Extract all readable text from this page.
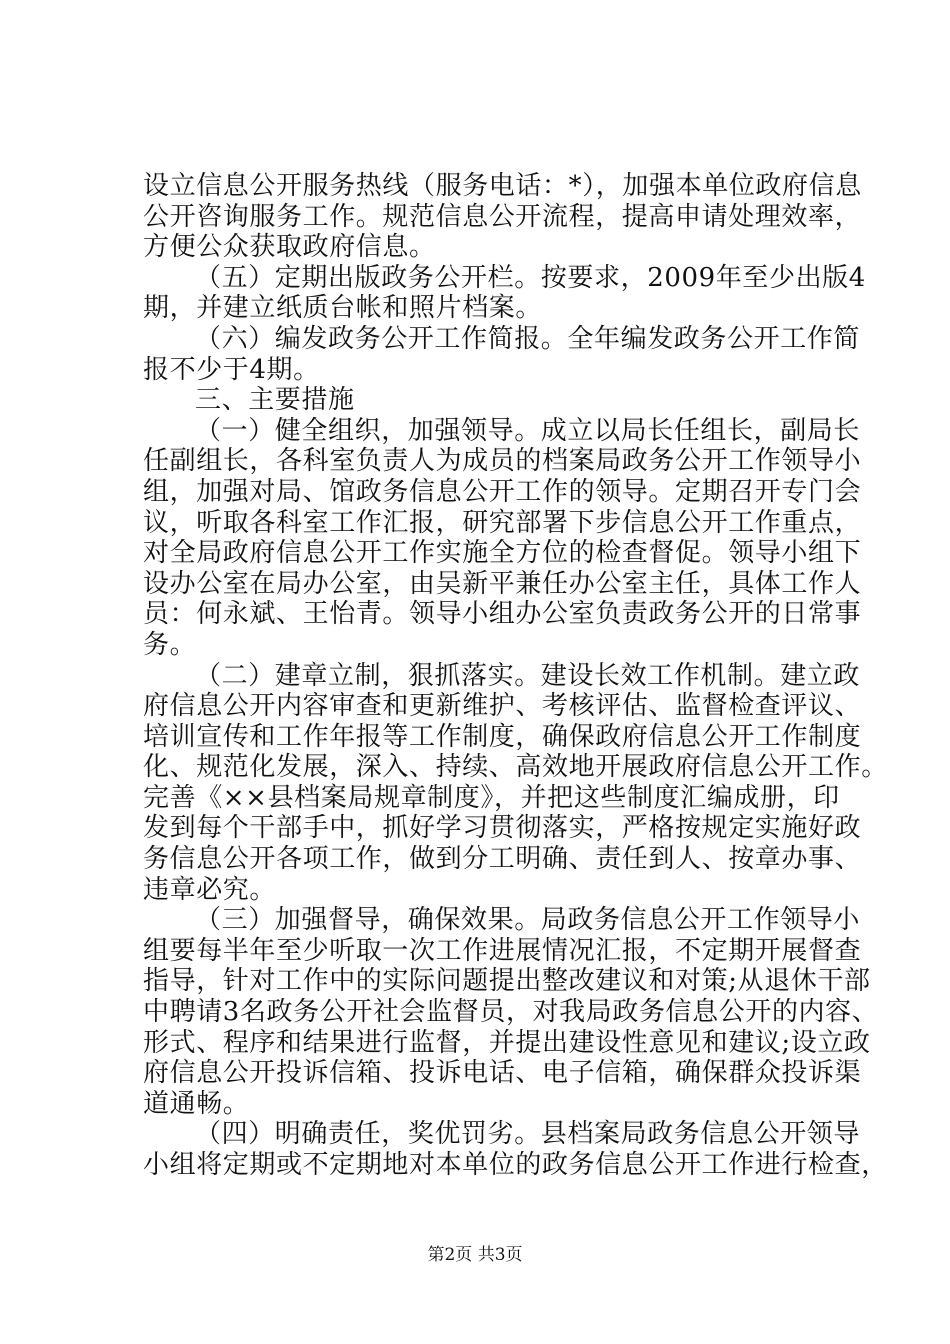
设立信息公开服务热线（服务电话：*），加强本单位政府信息
公开咨询服务工作。规范信息公开流程，提高申请处理效率，
方便公众获取政府信息。
（五）定期出版政务公开栏。按要求，2009年至少出版4
期，并建立纸质台帐和照片档案。
（六）编发政务公开工作简报。全年编发政务公开工作简
报不少于4期。
三、主要措施
（一）健全组织，加强领导。成立以局长任组长，副局长
任副组长，各科室负责人为成员的档案局政务公开工作领导小
组，加强对局、馆政务信息公开工作的领导。定期召开专门会
议，听取各科室工作汇报，研究部署下步信息公开工作重点，
对全局政府信息公开工作实施全方位的检查督促。领导小组下
设办公室在局办公室，由吴新平兼任办公室主任，具体工作人
员：何永斌、王怡青。领导小组办公室负责政务公开的日常事
务。
（二）建章立制，狠抓落实。建设长效工作机制。建立政
府信息公开内容审查和更新维护、考核评估、监督检查评议、
培训宣传和工作年报等工作制度，确保政府信息公开工作制度
化、规范化发展，深入、持续、高效地开展政府信息公开工作。
完善《××县档案局规章制度》，并把这些制度汇编成册，印
发到每个干部手中，抓好学习贯彻落实，严格按规定实施好政
务信息公开各项工作，做到分工明确、责任到人、按章办事、
违章必究。
（三）加强督导，确保效果。局政务信息公开工作领导小
组要每半年至少听取一次工作进展情况汇报，不定期开展督查
指导，针对工作中的实际问题提出整改建议和对策;从退休干部
中聘请3名政务公开社会监督员，对我局政务信息公开的内容、
形式、程序和结果进行监督，并提出建设性意见和建议;设立政
府信息公开投诉信箱、投诉电话、电子信箱，确保群众投诉渠
道通畅。
（四）明确责任，奖优罚劣。县档案局政务信息公开领导
小组将定期或不定期地对本单位的政务信息公开工作进行检查，
第2页 共3页
